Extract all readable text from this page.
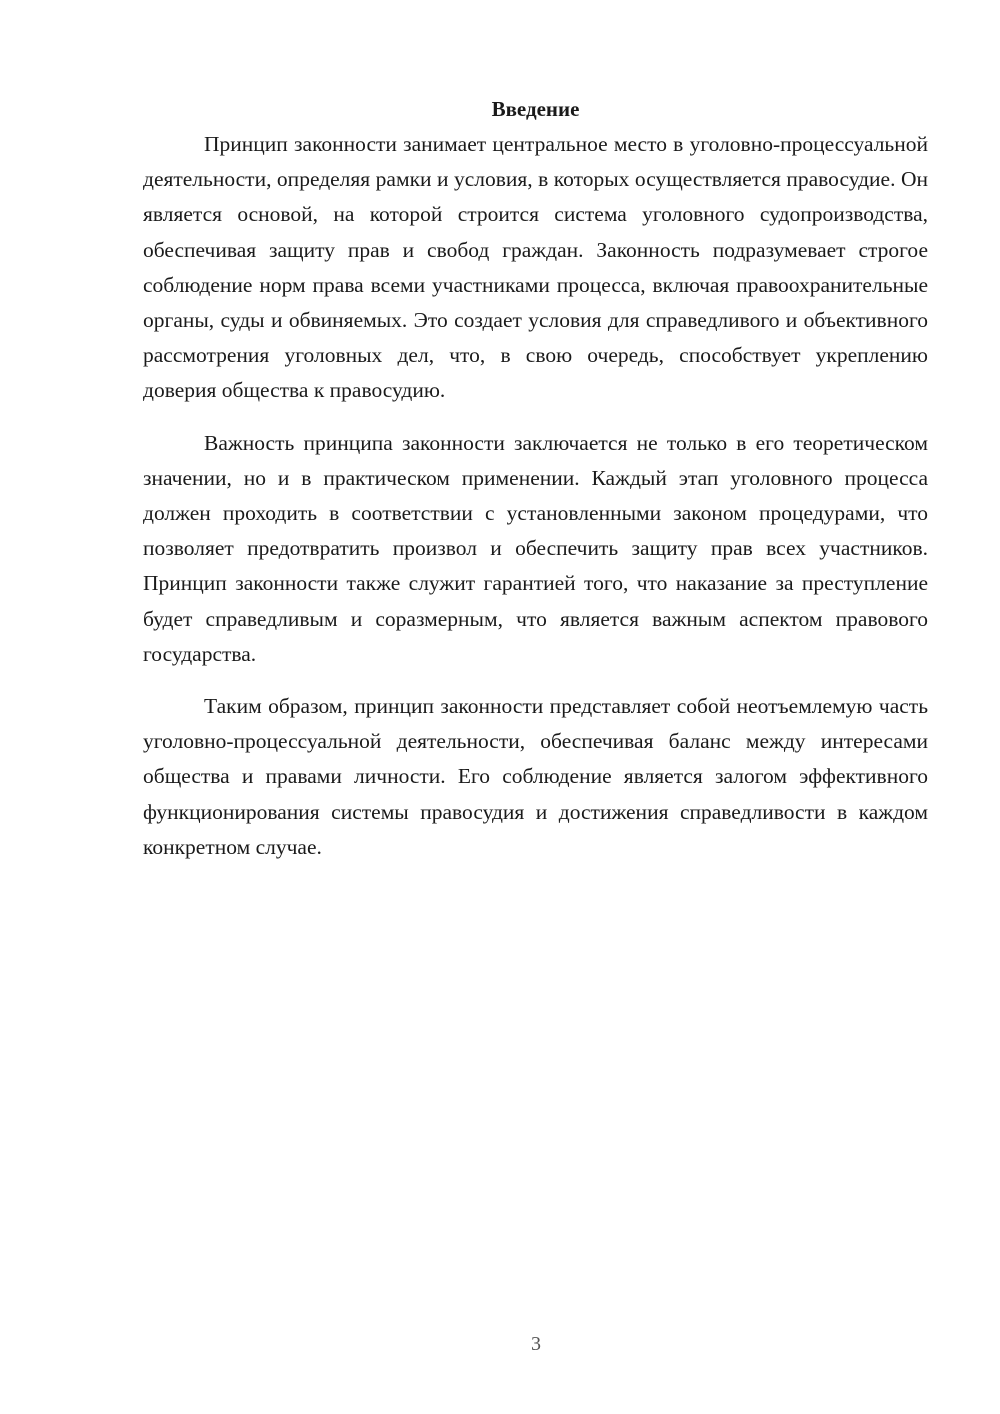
Введение

Принцип законности занимает центральное место в уголовно-процессуальной деятельности, определяя рамки и условия, в которых осуществляется правосудие. Он является основой, на которой строится система уголовного судопроизводства, обеспечивая защиту прав и свобод граждан. Законность подразумевает строгое соблюдение норм права всеми участниками процесса, включая правоохранительные органы, суды и обвиняемых. Это создает условия для справедливого и объективного рассмотрения уголовных дел, что, в свою очередь, способствует укреплению доверия общества к правосудию.

Важность принципа законности заключается не только в его теоретическом значении, но и в практическом применении. Каждый этап уголовного процесса должен проходить в соответствии с установленными законом процедурами, что позволяет предотвратить произвол и обеспечить защиту прав всех участников. Принцип законности также служит гарантией того, что наказание за преступление будет справедливым и соразмерным, что является важным аспектом правового государства.

Таким образом, принцип законности представляет собой неотъемлемую часть уголовно-процессуальной деятельности, обеспечивая баланс между интересами общества и правами личности. Его соблюдение является залогом эффективного функционирования системы правосудия и достижения справедливости в каждом конкретном случае.

3
